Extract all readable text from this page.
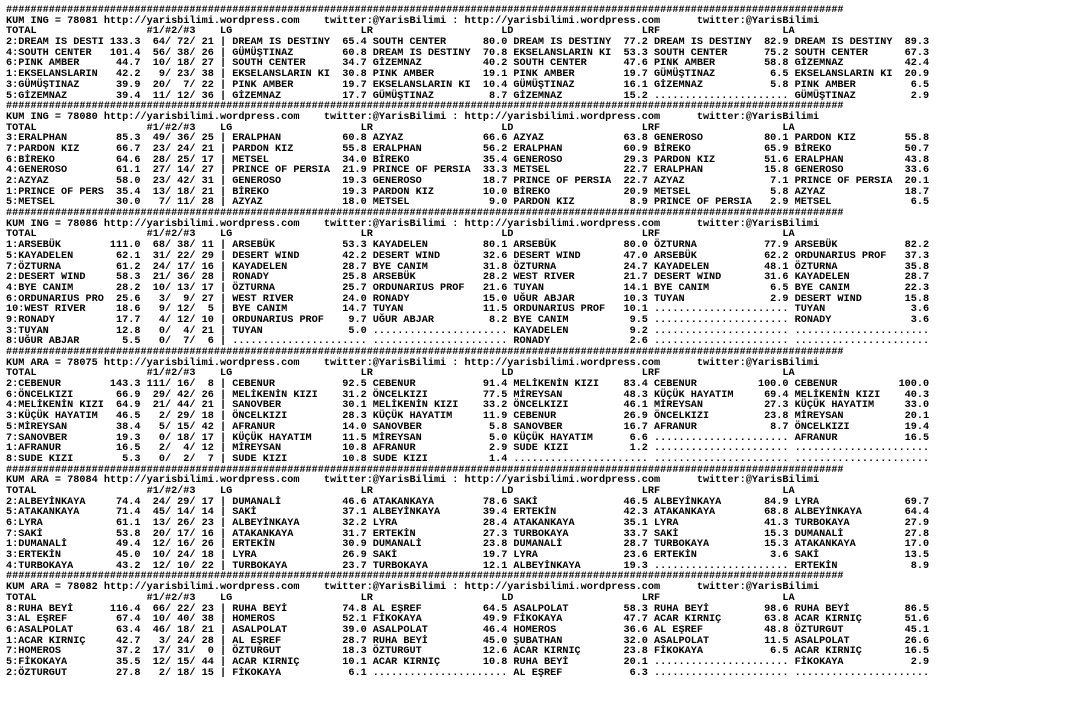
#########################################################################################################################################
KUM ING = 78081 http://yarisbilimi.wordpress.com    twitter:@YarisBilimi : http://yarisbilimi.wordpress.com      twitter:@YarisBilimi
TOTAL                  #1/#2/#3    LG                     LR                     LD                     LRF                    LA
2:DREAM IS DESTI 133.3  64/ 72/ 21 | DREAM IS DESTINY  65.4 SOUTH CENTER      80.0 DREAM IS DESTINY  77.2 DREAM IS DESTINY  82.9 DREAM IS DESTINY  89.3
4:SOUTH CENTER   101.4  56/ 38/ 26 | GÜMÜŞTINAZ        60.8 DREAM IS DESTINY  70.8 EKSELANSLARIN KI  53.3 SOUTH CENTER      75.2 SOUTH CENTER      67.3
6:PINK AMBER      44.7  10/ 18/ 27 | SOUTH CENTER      34.7 GİZEMNAZ          40.2 SOUTH CENTER      47.6 PINK AMBER        58.8 GİZEMNAZ          42.4
1:EKSELANSLARIN   42.2   9/ 23/ 38 | EKSELANSLARIN KI  30.8 PINK AMBER        19.1 PINK AMBER        19.7 GÜMÜŞTINAZ         6.5 EKSELANSLARIN KI  20.9
3:GÜMÜŞTINAZ      39.9  20/  7/ 22 | PINK AMBER        19.7 EKSELANSLARIN KI  10.4 GÜMÜŞTINAZ        16.1 GİZEMNAZ           5.8 PINK AMBER         6.5
5:GİZEMNAZ        39.4  11/ 12/ 36 | GİZEMNAZ          17.7 GÜMÜŞTINAZ         8.7 GİZEMNAZ          15.2 ...................... GÜMÜŞTINAZ         2.9
#########################################################################################################################################
KUM ING = 78080 http://yarisbilimi.wordpress.com    twitter:@YarisBilimi : http://yarisbilimi.wordpress.com      twitter:@YarisBilimi
TOTAL                  #1/#2/#3    LG                     LR                     LD                     LRF                    LA
3:ERALPHAN        85.3  49/ 36/ 25 | ERALPHAN          60.8 AZYAZ             66.6 AZYAZ             63.8 GENEROSO          80.1 PARDON KIZ        55.8
7:PARDON KIZ      66.7  23/ 24/ 21 | PARDON KIZ        55.8 ERALPHAN          56.2 ERALPHAN          60.9 BİREKO            65.9 BİREKO            50.7
6:BİREKO          64.6  28/ 25/ 17 | METSEL            34.0 BİREKO            35.4 GENEROSO          29.3 PARDON KIZ        51.6 ERALPHAN          43.8
4:GENEROSO        61.1  27/ 14/ 27 | PRINCE OF PERSIA  21.9 PRINCE OF PERSIA  33.3 METSEL            22.7 ERALPHAN          15.8 GENEROSO          33.6
2:AZYAZ           58.0  23/ 42/ 31 | GENEROSO          19.3 GENEROSO          18.7 PRINCE OF PERSIA  22.7 AZYAZ              7.1 PRINCE OF PERSIA  20.1
1:PRINCE OF PERS  35.4  13/ 18/ 21 | BİREKO            19.3 PARDON KIZ        10.0 BİREKO            20.9 METSEL             5.8 AZYAZ             18.7
5:METSEL          30.0   7/ 11/ 28 | AZYAZ             18.0 METSEL             9.0 PARDON KIZ         8.9 PRINCE OF PERSIA   2.9 METSEL             6.5
#########################################################################################################################################
KUM ING = 78086 http://yarisbilimi.wordpress.com    twitter:@YarisBilimi : http://yarisbilimi.wordpress.com      twitter:@YarisBilimi
TOTAL                  #1/#2/#3    LG                     LR                     LD                     LRF                    LA
1:ARSEBÜK        111.0  68/ 38/ 11 | ARSEBÜK           53.3 KAYADELEN         80.1 ARSEBÜK           80.0 ÖZTURNA           77.9 ARSEBÜK           82.2
5:KAYADELEN       62.1  31/ 22/ 29 | DESERT WIND       42.2 DESERT WIND       32.6 DESERT WIND       47.0 ARSEBÜK           62.2 ORDUNARIUS PROF   37.3
7:ÖZTURNA         61.2  24/ 17/ 16 | KAYADELEN         28.7 BYE CANIM         31.8 ÖZTURNA           24.7 KAYADELEN         48.1 ÖZTURNA           35.8
2:DESERT WIND     58.3  21/ 36/ 28 | RONADY            25.8 ARSEBÜK           28.2 WEST RIVER        21.7 DESERT WIND       31.6 KAYADELEN         28.7
4:BYE CANIM       28.2  10/ 13/ 17 | ÖZTURNA           25.7 ORDUNARIUS PROF   21.6 TUYAN             14.1 BYE CANIM          6.5 BYE CANIM         22.3
6:ORDUNARIUS PRO  25.6   3/  9/ 27 | WEST RIVER        24.0 RONADY            15.0 UĞUR ABJAR        10.3 TUYAN              2.9 DESERT WIND       15.8
10:WEST RIVER     18.6   9/ 12/  5 | BYE CANIM         14.7 TUYAN             11.5 ORDUNARIUS PROF   10.1 ...................... TUYAN              3.6
9:RONADY          17.7   4/ 12/ 10 | ORDUNARIUS PROF    9.7 UĞUR ABJAR         8.2 BYE CANIM          9.5 ...................... RONADY             3.6
3:TUYAN           12.8   0/  4/ 21 | TUYAN              5.0 ...................... KAYADELEN          9.2 ...................... ......................
8:UĞUR ABJAR       5.5   0/  7/  6 | ...................... ...................... RONADY             2.6 ...................... ......................
#########################################################################################################################################
KUM ARA = 78075 http://yarisbilimi.wordpress.com    twitter:@YarisBilimi : http://yarisbilimi.wordpress.com      twitter:@YarisBilimi
TOTAL                  #1/#2/#3    LG                     LR                     LD                     LRF                    LA
2:CEBENUR        143.3 111/ 16/  8 | CEBENUR           92.5 CEBENUR           91.4 MELİKENİN KIZI    83.4 CEBENUR          100.0 CEBENUR          100.0
6:ÖNCELKIZI       66.9  29/ 42/ 26 | MELİKENİN KIZI    31.2 ÖNCELKIZI         77.5 MİREYSAN          48.3 KÜÇÜK HAYATIM     69.4 MELİKENİN KIZI    40.3
4:MELİKENİN KIZI  64.9  21/ 44/ 21 | SANOVBER          30.1 MELİKENİN KIZI    33.2 ÖNCELKIZI         46.1 MİREYSAN          27.3 KÜÇÜK HAYATIM     33.0
3:KÜÇÜK HAYATIM   46.5   2/ 29/ 18 | ÖNCELKIZI         28.3 KÜÇÜK HAYATIM     11.9 CEBENUR           26.9 ÖNCELKIZI         23.8 MİREYSAN          20.1
5:MİREYSAN        38.4   5/ 15/ 42 | AFRANUR           14.0 SANOVBER           5.8 SANOVBER          16.7 AFRANUR            8.7 ÖNCELKIZI         19.4
7:SANOVBER        19.3   0/ 18/ 17 | KÜÇÜK HAYATIM     11.5 MİREYSAN           5.0 KÜÇÜK HAYATIM      6.6 ...................... AFRANUR           16.5
1:AFRANUR         16.5   2/  4/ 12 | MİREYSAN          10.8 AFRANUR            2.9 SUDE KIZI          1.2 ...................... ......................
8:SUDE KIZI        5.3   0/  2/  7 | SUDE KIZI         10.8 SUDE KIZI          1.4 ...................... ...................... ......................
#########################################################################################################################################
KUM ARA = 78084 http://yarisbilimi.wordpress.com    twitter:@YarisBilimi : http://yarisbilimi.wordpress.com      twitter:@YarisBilimi
TOTAL                  #1/#2/#3    LG                     LR                     LD                     LRF                    LA
2:ALBEYİNKAYA     74.4  24/ 29/ 17 | DUMANALİ          46.6 ATAKANKAYA        78.6 SAKİ              46.5 ALBEYİNKAYA       84.9 LYRA              69.7
5:ATAKANKAYA      71.4  45/ 14/ 14 | SAKİ              37.1 ALBEYİNKAYA       39.4 ERTEKİN           42.3 ATAKANKAYA        68.8 ALBEYİNKAYA       64.4
6:LYRA            61.1  13/ 26/ 23 | ALBEYİNKAYA       32.2 LYRA              28.4 ATAKANKAYA        35.1 LYRA              41.3 TURBOKAYA         27.9
7:SAKİ            53.8  20/ 17/ 16 | ATAKANKAYA        31.7 ERTEKİN           27.3 TURBOKAYA         33.7 SAKİ              15.3 DUMANALİ          27.8
1:DUMANALİ        49.4  12/ 16/ 26 | ERTEKİN           30.9 DUMANALİ          23.8 DUMANALİ          28.7 TURBOKAYA         15.3 ATAKANKAYA        17.0
3:ERTEKİN         45.0  10/ 24/ 18 | LYRA              26.9 SAKİ              19.7 LYRA              23.6 ERTEKİN            3.6 SAKİ              13.5
4:TURBOKAYA       43.2  12/ 10/ 22 | TURBOKAYA         23.7 TURBOKAYA         12.1 ALBEYİNKAYA       19.3 ...................... ERTEKİN            8.9
#########################################################################################################################################
KUM ARA = 78082 http://yarisbilimi.wordpress.com    twitter:@YarisBilimi : http://yarisbilimi.wordpress.com      twitter:@YarisBilimi
TOTAL                  #1/#2/#3    LG                     LR                     LD                     LRF                    LA
8:RUHA BEYİ      116.4  66/ 22/ 23 | RUHA BEYİ         74.8 AL EŞREF          64.5 ASALPOLAT         58.3 RUHA BEYİ         98.6 RUHA BEYİ         86.5
3:AL EŞREF        67.4  10/ 40/ 38 | HOMEROS           52.1 FİKOKAYA          49.9 FİKOKAYA          47.7 ACAR KIRNIÇ       63.8 ACAR KIRNIÇ       51.6
6:ASALPOLAT       63.4  46/ 18/ 21 | ASALPOLAT         39.0 ASALPOLAT         46.4 HOMEROS           36.6 AL EŞREF          48.8 ÖZTURGUT          45.1
1:ACAR KIRNIÇ     42.7   3/ 24/ 28 | AL EŞREF          28.7 RUHA BEYİ         45.0 ŞUBATHAN          32.0 ASALPOLAT         11.5 ASALPOLAT         26.6
7:HOMEROS         37.2  17/ 31/  0 | ÖZTURGUT          18.3 ÖZTURGUT          12.6 ACAR KIRNIÇ       23.8 FİKOKAYA           6.5 ACAR KIRNIÇ       16.5
5:FİKOKAYA        35.5  12/ 15/ 44 | ACAR KIRNIÇ       10.1 ACAR KIRNIÇ       10.8 RUHA BEYİ         20.1 ...................... FİKOKAYA           2.9
2:ÖZTURGUT        27.8   2/ 18/ 15 | FİKOKAYA           6.1 ...................... AL EŞREF           6.3 ...................... ......................
